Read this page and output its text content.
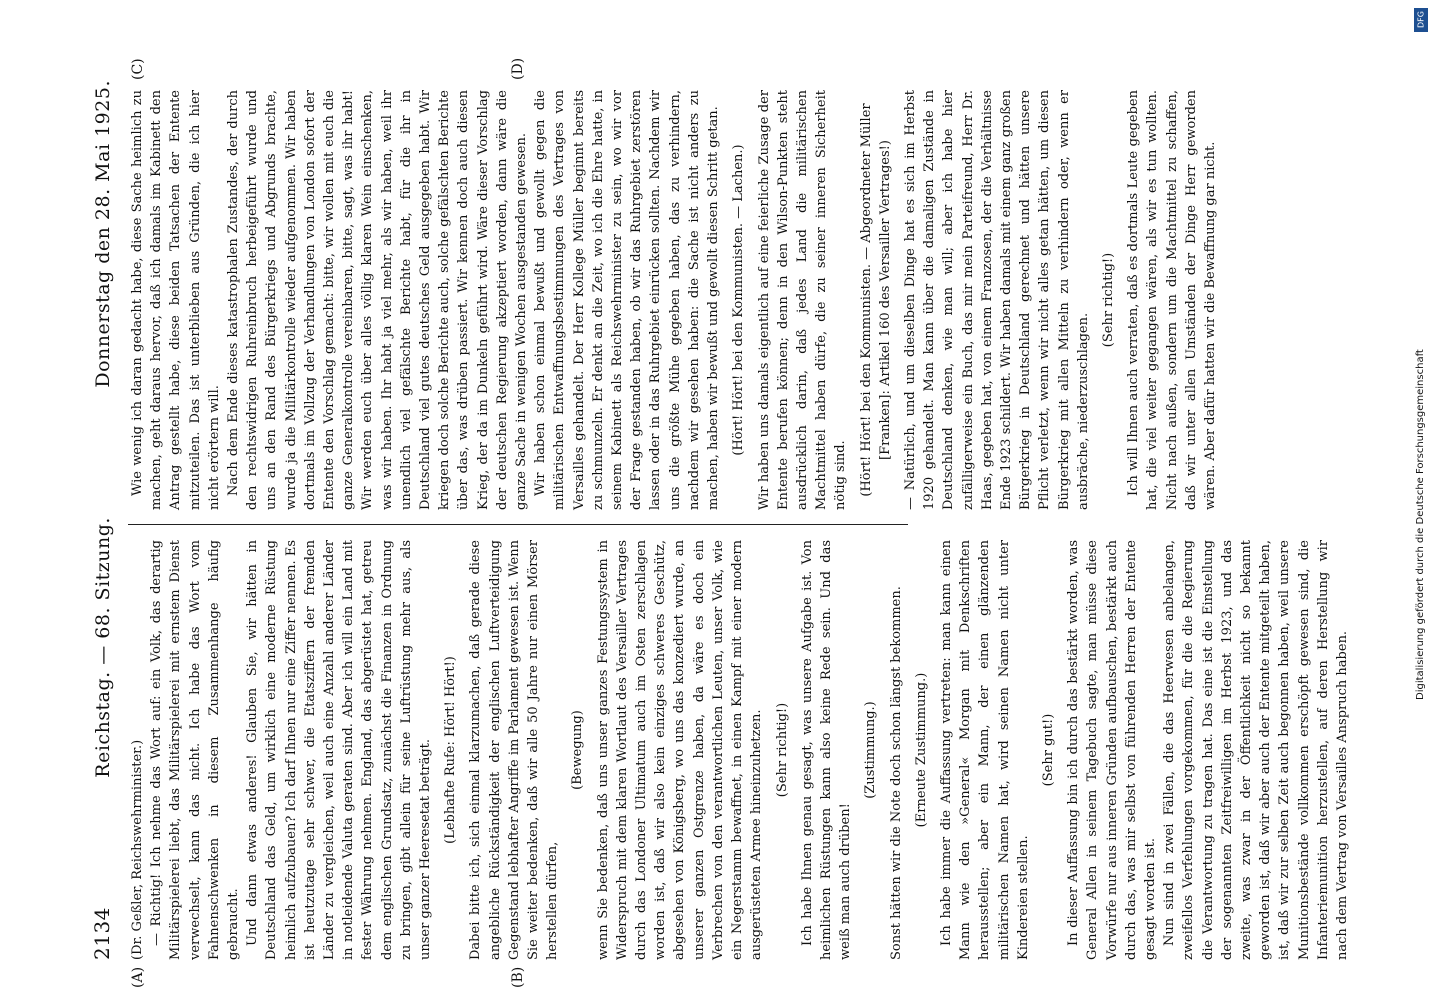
2134
Reichstag. — 68. Sitzung.
Donnerstag den 28. Mai 1925.

(Dr. Geßler, Reichswehrminister.) — Richtig! Ich nehme das Wort auf: ein Volk, das derartig Militärspielerei liebt, das Militärspielerei mit ernstem Dienst verwechselt, kann das nicht. Ich habe das Wort vom Fahnenschwenken in diesem Zusammenhange häufig gebraucht. Und dann etwas anderes! Glauben Sie, wir hätten in Deutschland das Geld, um wirklich eine moderne Rüstung heimlich aufzubauen? Ich darf Ihnen nur eine Ziffer nennen. Es ist heutzutage sehr schwer, die Etatsziffern der fremden Länder zu vergleichen, weil auch eine Anzahl anderer Länder in notleidende Valuta geraten sind. Aber ich will ein Land mit fester Währung nehmen. England, das abgerüstet hat, getreu dem englischen Grundsatz, zunächst die Finanzen in Ordnung zu bringen, gibt allein für seine Luftrüstung mehr aus, als unser ganzer Heeresetat beträgt. (Lebhafte Rufe: Hört! Hört!) Dabei bitte ich, sich einmal klarzumachen, daß gerade diese angebliche Rückständigkeit der englischen Luftverteidigung Gegenstand lebhafter Angriffe im Parlament gewesen ist. Wenn Sie weiter bedenken, daß wir alle 50 Jahre nur einen Mörser herstellen dürfen,

(Bewegung) wenn Sie bedenken, daß uns unser ganzes Festungssystem in Widerspruch mit dem klaren Wortlaut des Versailler Vertrages durch das Londoner Ultimatum auch im Osten zerschlagen worden ist, daß wir also kein einziges schweres Geschütz, abgesehen von Königsberg, wo uns das konzediert wurde, an unserer ganzen Ostgrenze haben, da wäre es doch ein Verbrechen von den verantwortlichen Leuten, unser Volk, wie ein Negerstamm bewaffnet, in einen Kampf mit einer modern ausgerüsteten Armee hineinzuhetzen. (Sehr richtig!) Ich habe Ihnen genau gesagt, was unsere Aufgabe ist. Von heimlichen Rüstungen kann also keine Rede sein. Und das weiß man auch drüben!

(Zustimmung.) Sonst hätten wir die Note doch schon längst bekommen. (Erneute Zustimmung.) Ich habe immer die Auffassung vertreten: man kann einen Mann wie den »General« Morgan mit Denkschriften herausstellen; aber ein Mann, der einen glänzenden militärischen Namen hat, wird seinen Namen nicht unter Kindereien stellen.

(Sehr gut!) In dieser Auffassung bin ich durch das bestärkt worden, was General Allen in seinem Tagebuch sagte, man müsse diese Vorwürfe nur aus inneren Gründen aufbauschen, bestärkt auch durch das, was mir selbst von führenden Herren der Entente gesagt worden ist. Nun sind in zwei Fällen, die das Heerwesen anbelangen, zweifellos Verfehlungen vorgekommen, für die die Regierung die Verantwortung zu tragen hat. Das eine ist die Einstellung der sogenannten Zeitfreiwilligen im Herbst 1923, und das zweite, was zwar in der Öffentlichkeit nicht so bekannt geworden ist, daß wir aber auch der Entente mitgeteilt haben, ist, daß wir zur selben Zeit auch begonnen haben, weil unsere Munitionsbestände vollkommen erschöpft gewesen sind, die Infanteriemunition herzustellen, auf deren Herstellung wir nach dem Vertrag von Versailles Anspruch haben.

Wie wenig ich daran gedacht habe, diese Sache heimlich zu machen, geht daraus hervor, daß ich damals im Kabinett den Antrag gestellt habe, diese beiden Tatsachen der Entente mitzuteilen. Das ist unterblieben aus Gründen, die ich hier nicht erörtern will. Nach dem Ende dieses katastrophalen Zustandes, der durch den rechtswidrigen Ruhreinbruch herbeigeführt wurde und uns an den Rand des Bürgerkriegs und Abgrunds brachte, wurde ja die Militärkontrolle wieder aufgenommen. Wir haben dortmals im Vollzug der Verhandlungen von London sofort der Entente den Vorschlag gemacht: bitte, wir wollen mit euch die ganze Generalkontrolle vereinbaren, bitte, sagt, was ihr habt! Wir werden euch über alles völlig klaren Wein einschenken, was wir haben. Ihr habt ja viel mehr, als wir haben, weil ihr unendlich viel gefälschte Berichte habt, für die ihr in Deutschland viel gutes deutsches Geld ausgegeben habt. Wir kriegen doch solche Berichte auch, solche gefälschten Berichte über das, was drüben passiert. Wir kennen doch auch diesen Krieg, der da im Dunkeln geführt wird. Wäre dieser Vorschlag der deutschen Regierung akzeptiert worden, dann wäre die ganze Sache in wenigen Wochen ausgestanden gewesen. Wir haben schon einmal bewußt und gewollt gegen die militärischen Entwaffnungsbestimmungen des Vertrages von Versailles gehandelt. Der Herr Kollege Müller beginnt bereits zu schmunzeln. Er denkt an die Zeit, wo ich die Ehre hatte, in seinem Kabinett als Reichswehrminister zu sein, wo wir vor der Frage gestanden haben, ob wir das Ruhrgebiet zerstören lassen oder in das Ruhrgebiet einrücken sollten. Nachdem wir uns die größte Mühe gegeben haben, das zu verhindern, nachdem wir gesehen haben: die Sache ist nicht anders zu machen, haben wir bewußt und gewollt diesen Schritt getan. (Hört! Hört! bei den Kommunisten. — Lachen.) Wir haben uns damals eigentlich auf eine feierliche Zusage der Entente berufen können; denn in den Wilson-Punkten steht ausdrücklich darin, daß jedes Land die militärischen Machtmittel haben dürfe, die zu seiner inneren Sicherheit nötig sind. (Hört! Hört! bei den Kommunisten. — Abgeordneter Müller [Franken]: Artikel 160 des Versailler Vertrages!) — Natürlich, und um dieselben Dinge hat es sich im Herbst 1920 gehandelt. Man kann über die damaligen Zustände in Deutschland denken, wie man will; aber ich habe hier zufälligerweise ein Buch, das mir mein Parteifreund, Herr Dr. Haas, gegeben hat, von einem Franzosen, der die Verhältnisse Ende 1923 schildert. Wir haben damals mit einem ganz großen Bürgerkrieg in Deutschland gerechnet und hätten unsere Pflicht verletzt, wenn wir nicht alles getan hätten, um diesen Bürgerkrieg mit allen Mitteln zu verhindern oder, wenn er ausbräche, niederzuschlagen.

(Sehr richtig!) Ich will Ihnen auch verraten, daß es dortmals Leute gegeben hat, die viel weiter gegangen wären, als wir es tun wollten. Nicht nach außen, sondern um die Machtmittel zu schaffen, daß wir unter allen Umständen der Dinge Herr geworden wären. Aber dafür hatten wir die Bewaffnung gar nicht.

(A)	(B)
(C)	(D)
DFG
Digitalisierung gefördert durch die Deutsche Forschungsgemeinschaft
